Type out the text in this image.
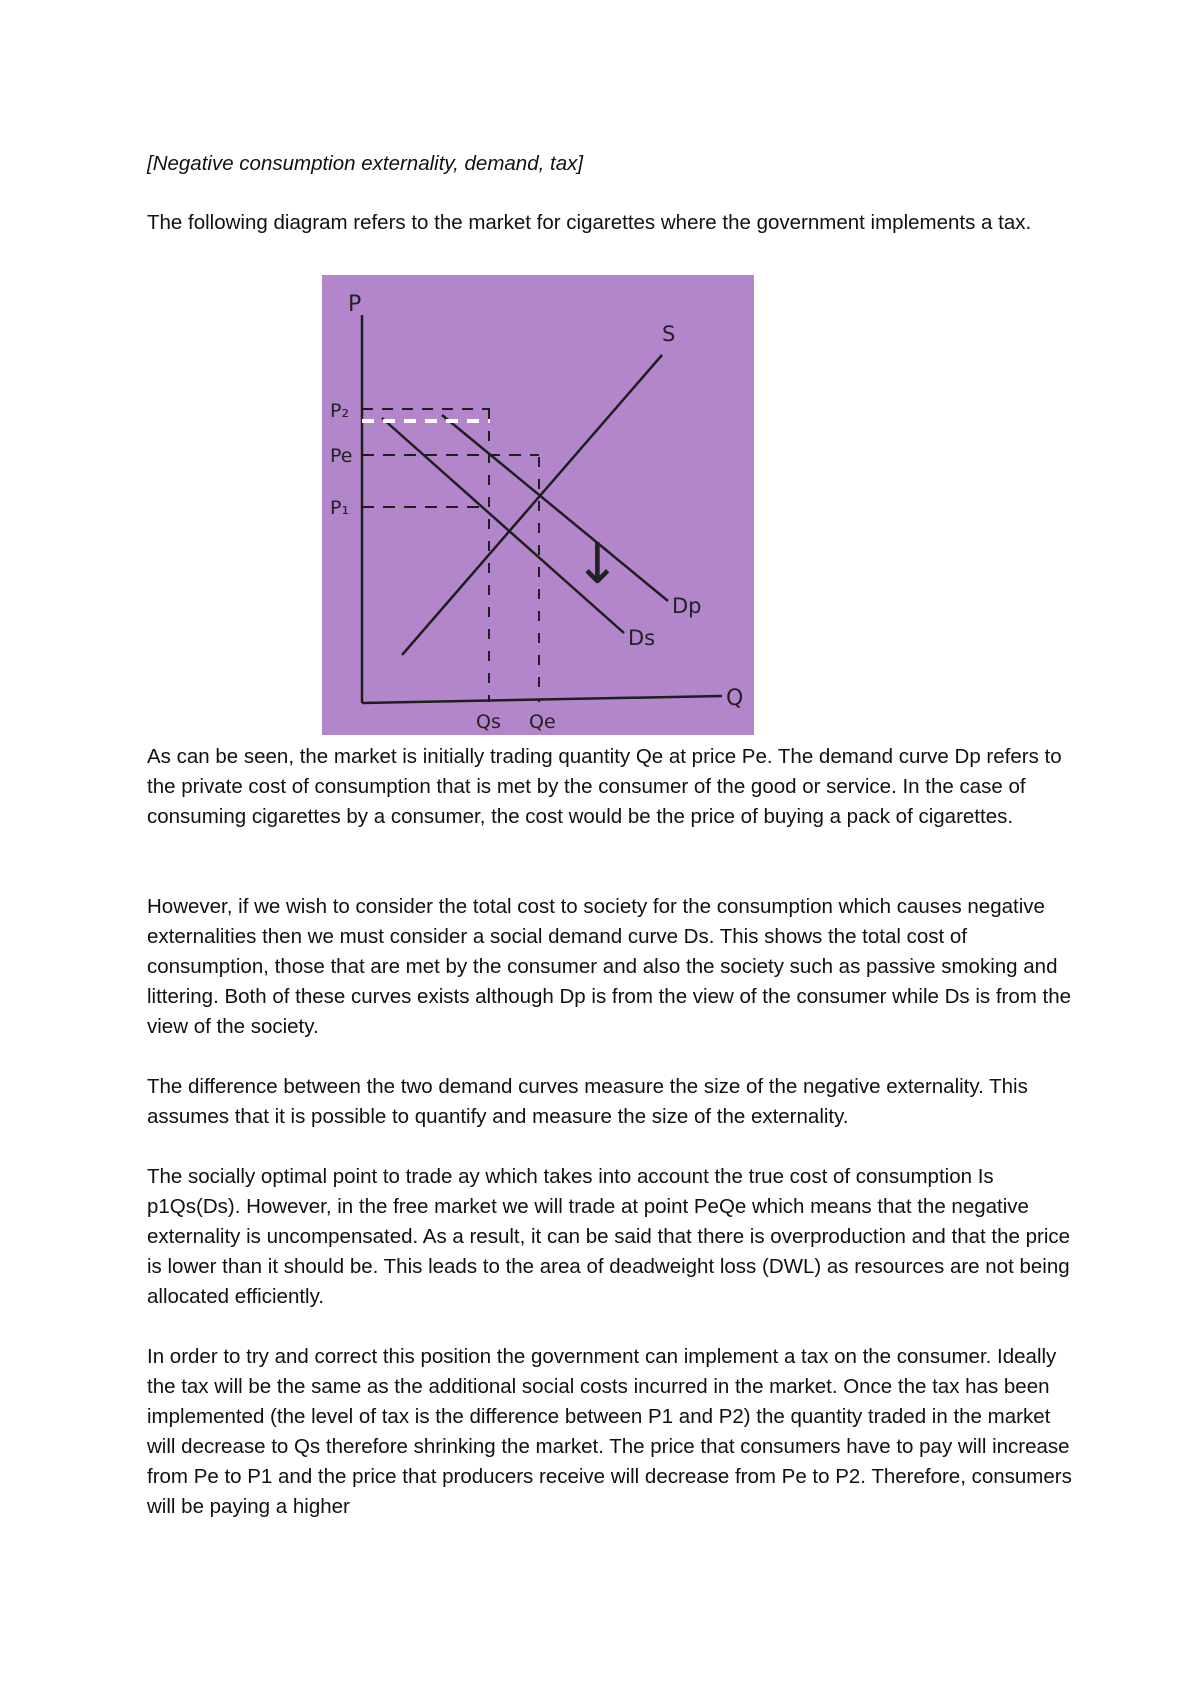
[Negative consumption externality, demand, tax]

The following diagram refers to the market for cigarettes where the government implements a tax.

P
Q
S
Dp
Ds
P₂
Pe
P₁
Qs Qe
↓

As can be seen, the market is initially trading quantity Qe at price Pe. The demand curve Dp refers to the private cost of consumption that is met by the consumer of the good or service. In the case of consuming cigarettes by a consumer, the cost would be the price of buying a pack of cigarettes.

However, if we wish to consider the total cost to society for the consumption which causes negative externalities then we must consider a social demand curve Ds. This shows the total cost of consumption, those that are met by the consumer and also the society such as passive smoking and littering. Both of these curves exists although Dp is from the view of the consumer while Ds is from the view of the society.

The difference between the two demand curves measure the size of the negative externality. This assumes that it is possible to quantify and measure the size of the externality.

The socially optimal point to trade ay which takes into account the true cost of consumption Is p1Qs(Ds). However, in the free market we will trade at point PeQe which means that the negative externality is uncompensated. As a result, it can be said that there is overproduction and that the price is lower than it should be. This leads to the area of deadweight loss (DWL) as resources are not being allocated efficiently.

In order to try and correct this position the government can implement a tax on the consumer. Ideally the tax will be the same as the additional social costs incurred in the market. Once the tax has been implemented (the level of tax is the difference between P1 and P2) the quantity traded in the market will decrease to Qs therefore shrinking the market. The price that consumers have to pay will increase from Pe to P1 and the price that producers receive will decrease from Pe to P2. Therefore, consumers will be paying a higher
